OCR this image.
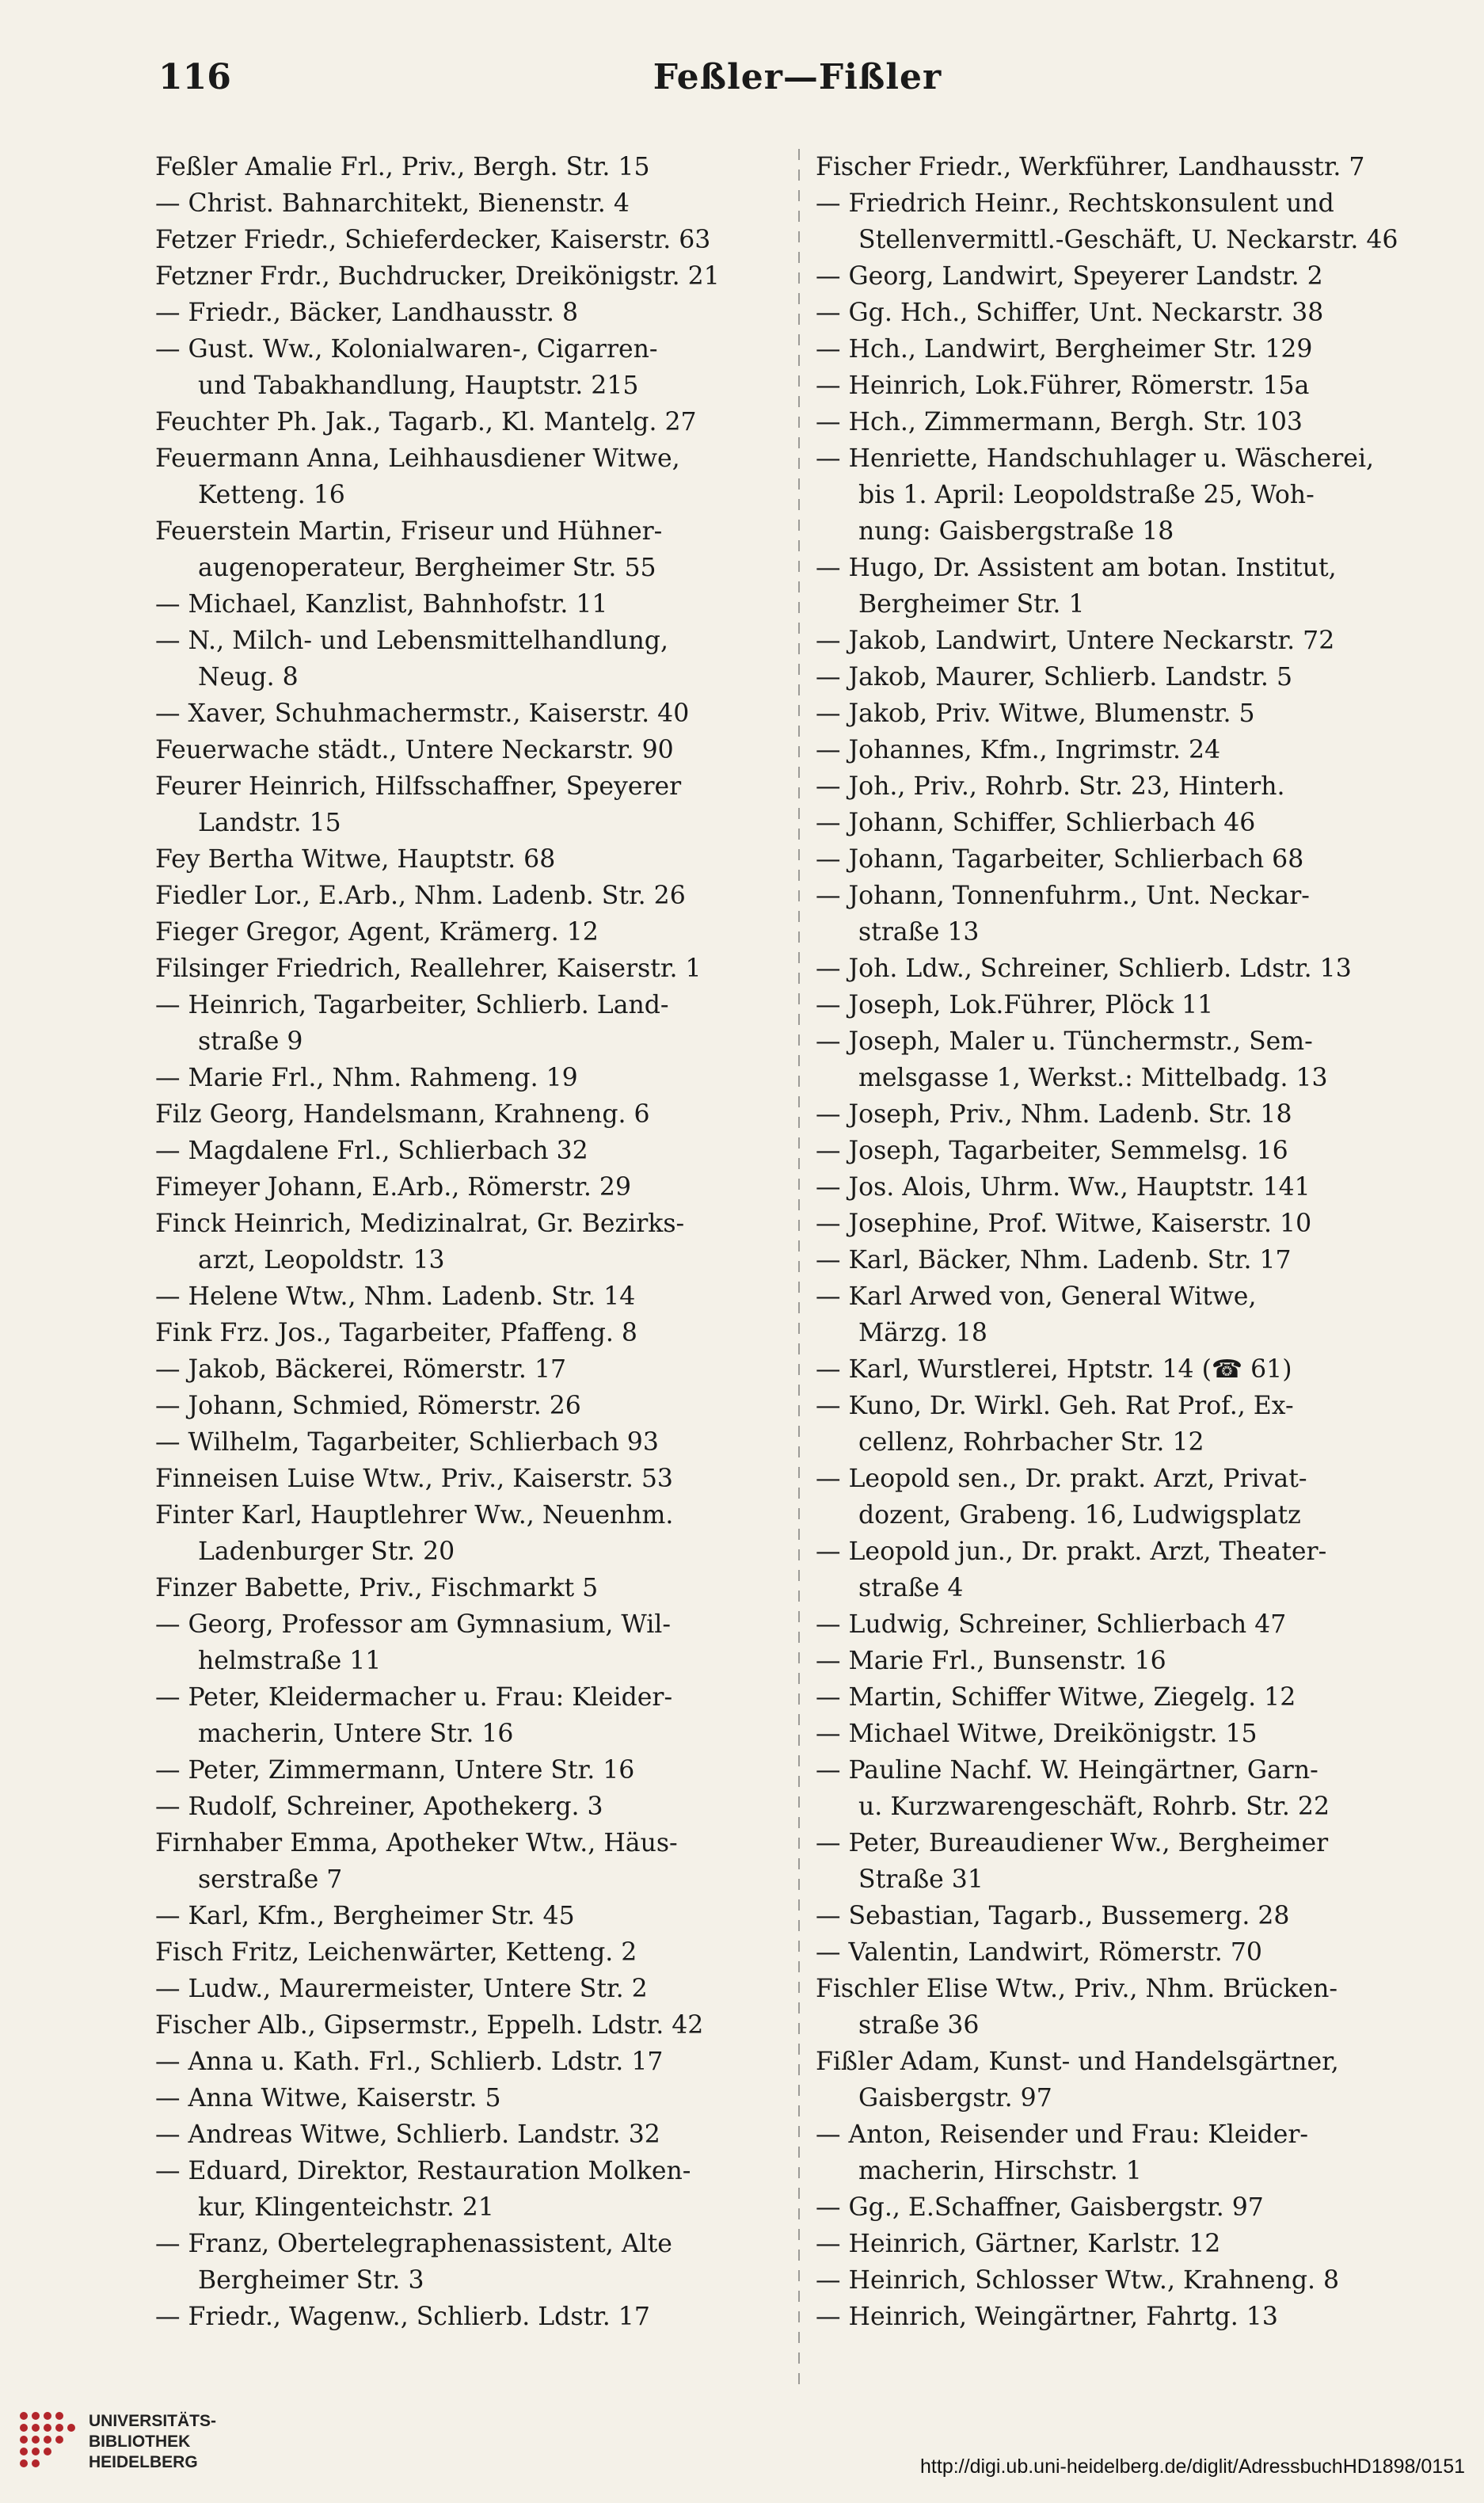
116	Feßler—Fißler
Feßler Amalie Frl., Priv., Bergh. Str. 15
— Christ. Bahnarchitekt, Bienenstr. 4
Fetzer Friedr., Schieferdecker, Kaiserstr. 63
Fetzner Frdr., Buchdrucker, Dreikönigstr. 21
— Friedr., Bäcker, Landhausstr. 8
— Gust. Ww., Kolonialwaren-, Cigarren-
und Tabakhandlung, Hauptstr. 215
Feuchter Ph. Jak., Tagarb., Kl. Mantelg. 27
Feuermann Anna, Leihhausdiener Witwe,
Ketteng. 16
Feuerstein Martin, Friseur und Hühner-
augenoperateur, Bergheimer Str. 55
— Michael, Kanzlist, Bahnhofstr. 11
— N., Milch- und Lebensmittelhandlung,
Neug. 8
— Xaver, Schuhmachermstr., Kaiserstr. 40
Feuerwache städt., Untere Neckarstr. 90
Feurer Heinrich, Hilfsschaffner, Speyerer
Landstr. 15
Fey Bertha Witwe, Hauptstr. 68
Fiedler Lor., E.Arb., Nhm. Ladenb. Str. 26
Fieger Gregor, Agent, Krämerg. 12
Filsinger Friedrich, Reallehrer, Kaiserstr. 1
— Heinrich, Tagarbeiter, Schlierb. Land-
straße 9
— Marie Frl., Nhm. Rahmeng. 19
Filz Georg, Handelsmann, Krahneng. 6
— Magdalene Frl., Schlierbach 32
Fimeyer Johann, E.Arb., Römerstr. 29
Finck Heinrich, Medizinalrat, Gr. Bezirks-
arzt, Leopoldstr. 13
— Helene Wtw., Nhm. Ladenb. Str. 14
Fink Frz. Jos., Tagarbeiter, Pfaffeng. 8
— Jakob, Bäckerei, Römerstr. 17
— Johann, Schmied, Römerstr. 26
— Wilhelm, Tagarbeiter, Schlierbach 93
Finneisen Luise Wtw., Priv., Kaiserstr. 53
Finter Karl, Hauptlehrer Ww., Neuenhm.
Ladenburger Str. 20
Finzer Babette, Priv., Fischmarkt 5
— Georg, Professor am Gymnasium, Wil-
helmstraße 11
— Peter, Kleidermacher u. Frau: Kleider-
macherin, Untere Str. 16
— Peter, Zimmermann, Untere Str. 16
— Rudolf, Schreiner, Apothekerg. 3
Firnhaber Emma, Apotheker Wtw., Häus-
serstraße 7
— Karl, Kfm., Bergheimer Str. 45
Fisch Fritz, Leichenwärter, Ketteng. 2
— Ludw., Maurermeister, Untere Str. 2
Fischer Alb., Gipsermstr., Eppelh. Ldstr. 42
— Anna u. Kath. Frl., Schlierb. Ldstr. 17
— Anna Witwe, Kaiserstr. 5
— Andreas Witwe, Schlierb. Landstr. 32
— Eduard, Direktor, Restauration Molken-
kur, Klingenteichstr. 21
— Franz, Obertelegraphenassistent, Alte
Bergheimer Str. 3
— Friedr., Wagenw., Schlierb. Ldstr. 17
Fischer Friedr., Werkführer, Landhausstr. 7
— Friedrich Heinr., Rechtskonsulent und
Stellenvermittl.-Geschäft, U. Neckarstr. 46
— Georg, Landwirt, Speyerer Landstr. 2
— Gg. Hch., Schiffer, Unt. Neckarstr. 38
— Hch., Landwirt, Bergheimer Str. 129
— Heinrich, Lok.Führer, Römerstr. 15a
— Hch., Zimmermann, Bergh. Str. 103
— Henriette, Handschuhlager u. Wäscherei,
bis 1. April: Leopoldstraße 25, Woh-
nung: Gaisbergstraße 18
— Hugo, Dr. Assistent am botan. Institut,
Bergheimer Str. 1
— Jakob, Landwirt, Untere Neckarstr. 72
— Jakob, Maurer, Schlierb. Landstr. 5
— Jakob, Priv. Witwe, Blumenstr. 5
— Johannes, Kfm., Ingrimstr. 24
— Joh., Priv., Rohrb. Str. 23, Hinterh.
— Johann, Schiffer, Schlierbach 46
— Johann, Tagarbeiter, Schlierbach 68
— Johann, Tonnenfuhrm., Unt. Neckar-
straße 13
— Joh. Ldw., Schreiner, Schlierb. Ldstr. 13
— Joseph, Lok.Führer, Plöck 11
— Joseph, Maler u. Tünchermstr., Sem-
melsgasse 1, Werkst.: Mittelbadg. 13
— Joseph, Priv., Nhm. Ladenb. Str. 18
— Joseph, Tagarbeiter, Semmelsg. 16
— Jos. Alois, Uhrm. Ww., Hauptstr. 141
— Josephine, Prof. Witwe, Kaiserstr. 10
— Karl, Bäcker, Nhm. Ladenb. Str. 17
— Karl Arwed von, General Witwe,
Märzg. 18
— Karl, Wurstlerei, Hptstr. 14 (☎ 61)
— Kuno, Dr. Wirkl. Geh. Rat Prof., Ex-
cellenz, Rohrbacher Str. 12
— Leopold sen., Dr. prakt. Arzt, Privat-
dozent, Grabeng. 16, Ludwigsplatz
— Leopold jun., Dr. prakt. Arzt, Theater-
straße 4
— Ludwig, Schreiner, Schlierbach 47
— Marie Frl., Bunsenstr. 16
— Martin, Schiffer Witwe, Ziegelg. 12
— Michael Witwe, Dreikönigstr. 15
— Pauline Nachf. W. Heingärtner, Garn-
u. Kurzwarengeschäft, Rohrb. Str. 22
— Peter, Bureaudiener Ww., Bergheimer
Straße 31
— Sebastian, Tagarb., Bussemerg. 28
— Valentin, Landwirt, Römerstr. 70
Fischler Elise Wtw., Priv., Nhm. Brücken-
straße 36
Fißler Adam, Kunst- und Handelsgärtner,
Gaisbergstr. 97
— Anton, Reisender und Frau: Kleider-
macherin, Hirschstr. 1
— Gg., E.Schaffner, Gaisbergstr. 97
— Heinrich, Gärtner, Karlstr. 12
— Heinrich, Schlosser Wtw., Krahneng. 8
— Heinrich, Weingärtner, Fahrtg. 13
UNIVERSITÄTS-
BIBLIOTHEK
HEIDELBERG	http://digi.ub.uni-heidelberg.de/diglit/AdressbuchHD1898/0151
